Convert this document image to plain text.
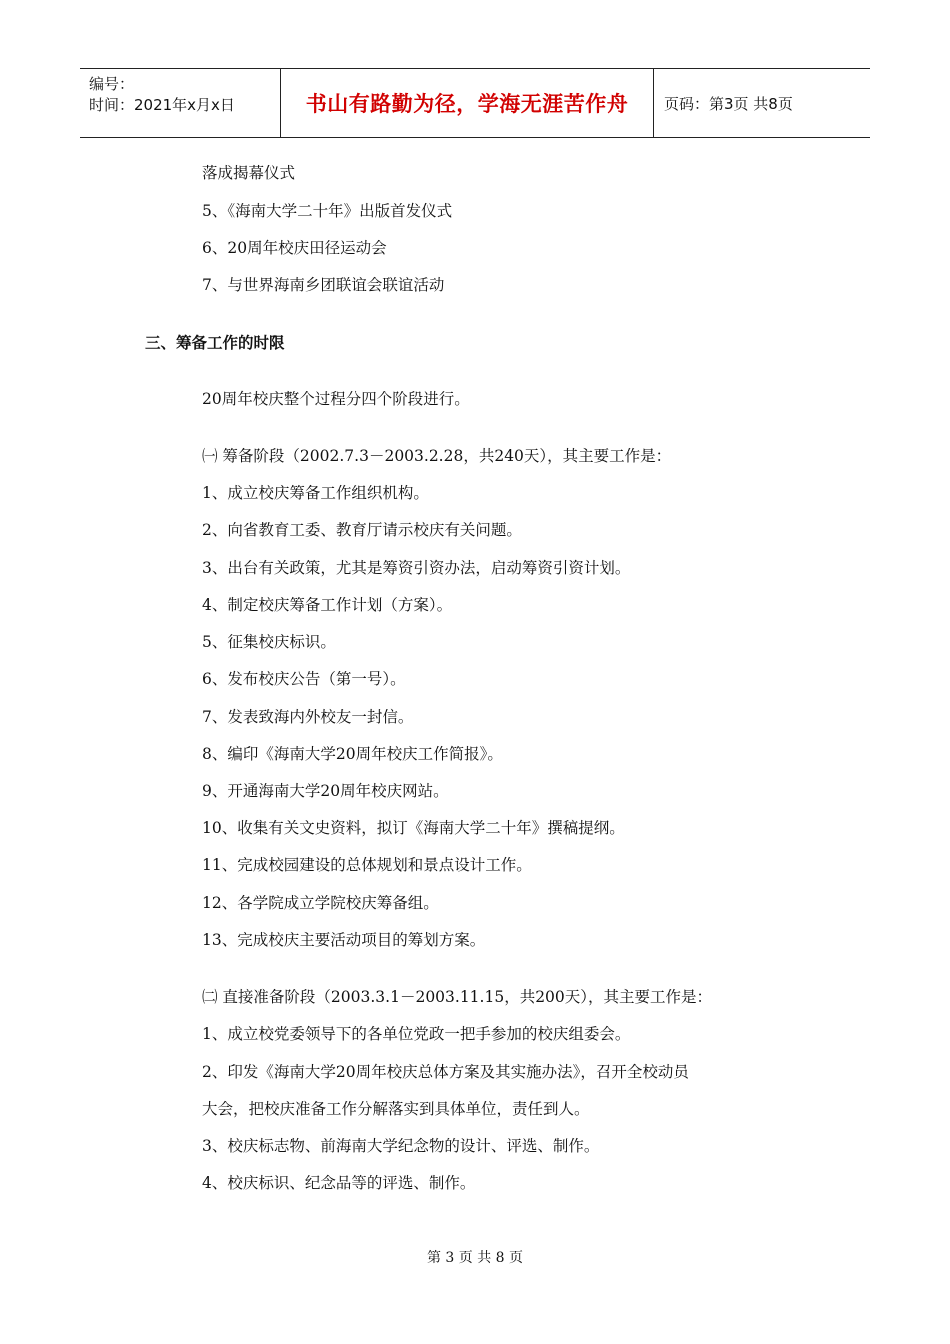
编号：
时间：2021年x月x日	书山有路勤为径，学海无涯苦作舟 页码：第3页 共8页
落成揭幕仪式
5、《海南大学二十年》出版首发仪式
6、20周年校庆田径运动会
7、与世界海南乡团联谊会联谊活动
三、筹备工作的时限
20周年校庆整个过程分四个阶段进行。
㈠ 筹备阶段（2002.7.3－2003.2.28，共240天），其主要工作是：
1、成立校庆筹备工作组织机构。
2、向省教育工委、教育厅请示校庆有关问题。
3、出台有关政策，尤其是筹资引资办法，启动筹资引资计划。
4、制定校庆筹备工作计划（方案）。
5、征集校庆标识。
6、发布校庆公告（第一号）。
7、发表致海内外校友一封信。
8、编印《海南大学20周年校庆工作简报》。
9、开通海南大学20周年校庆网站。
10、收集有关文史资料，拟订《海南大学二十年》撰稿提纲。
11、完成校园建设的总体规划和景点设计工作。
12、各学院成立学院校庆筹备组。
13、完成校庆主要活动项目的筹划方案。
㈡ 直接准备阶段（2003.3.1－2003.11.15，共200天），其主要工作是：
1、成立校党委领导下的各单位党政一把手参加的校庆组委会。
2、印发《海南大学20周年校庆总体方案及其实施办法》，召开全校动员
大会，把校庆准备工作分解落实到具体单位，责任到人。
3、校庆标志物、前海南大学纪念物的设计、评选、制作。
4、校庆标识、纪念品等的评选、制作。
第 3 页 共 8 页
